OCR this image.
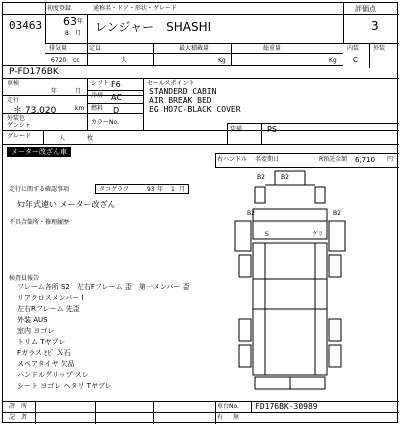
初度登録	通称名・ドア・形状・グレード	評価点
3
03463 63 年
8 月 レンジャー　SHASHI
排気量	定員	最大積載量	総重量
6720 cc	人	Kg	Kg
内装 外装
C
P-FD176BK
車検
年	月
走行
＊ 73,020	km
外装色
ゲンシャ
シフト F6
冷房 AC
燃料 D
カラーNo.
セールスポイント
STANDERD CABIN
AIR BREAK BED
EG HO7C-BLACK COVER
グレード	人	枚
装備	PS
メーター改ざん車
右ハンドル 名変期日	R預託金額 6,710 円
走行に関する確認事項	タコグラフ	93 年 1 月
ﾀｺ年式違い メーター改ざん
不具合箇所・修理履歴
検査員報告
フレーム各所 S2　左右Fフレーム 歪　第一メンバー 歪
リアクロスメンバー Ⅰ
左右Rフレーム 先歪
外装 AUS
室内 ヨゴレ
トリム Tヤブレ
Fガラス ﾋﾋﾞ Ｘ石
スペアタイヤ 欠品
ハンドルグリップ スレ
シート ヨゴレ ヘタリ Tヤブレ
B2	B2
B2	B2
ｸﾞﾘ
S
評 所
記 者
車台No. FD176BK-30989
有 無
